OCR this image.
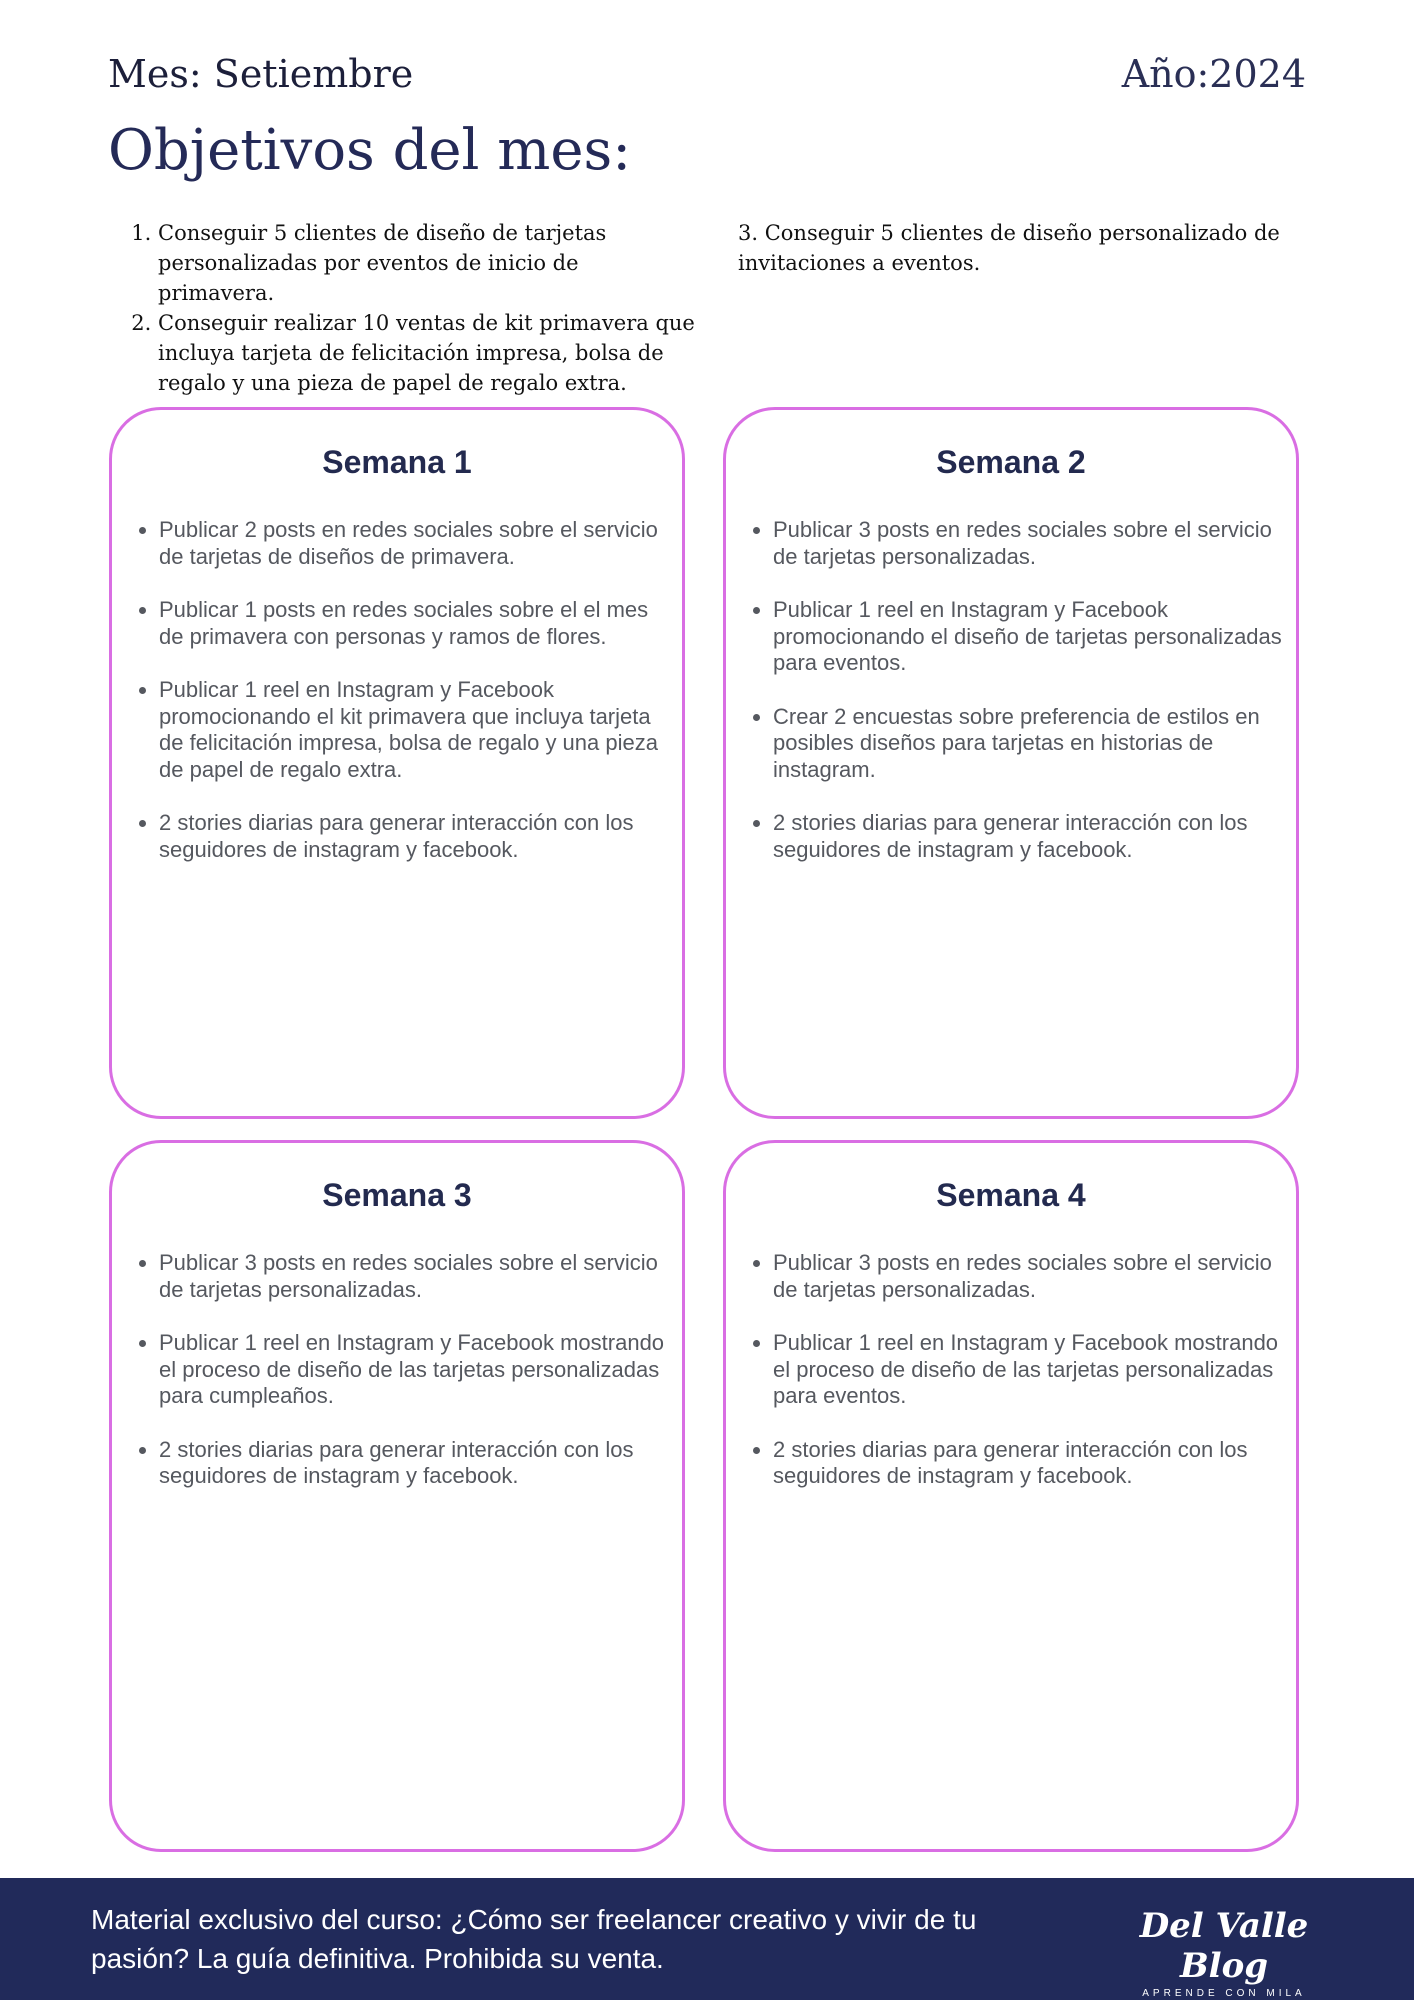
Mes: Setiembre	Año:2024
Objetivos del mes:
1. Conseguir 5 clientes de diseño de tarjetas personalizadas por eventos de inicio de primavera.
2. Conseguir realizar 10 ventas de kit primavera que incluya tarjeta de felicitación impresa, bolsa de regalo y una pieza de papel de regalo extra.

3. Conseguir 5 clientes de diseño personalizado de invitaciones a eventos.

Semana 1
• Publicar 2 posts en redes sociales sobre el servicio de tarjetas de diseños de primavera.
• Publicar 1 posts en redes sociales sobre el el mes de primavera con personas y ramos de flores.
• Publicar 1 reel en Instagram y Facebook promocionando el kit primavera que incluya tarjeta de felicitación impresa, bolsa de regalo y una pieza de papel de regalo extra.
• 2 stories diarias para generar interacción con los seguidores de instagram y facebook.
Semana 2
• Publicar 3 posts en redes sociales sobre el servicio de tarjetas personalizadas.
• Publicar 1 reel en Instagram y Facebook promocionando el diseño de tarjetas personalizadas para eventos.
• Crear 2 encuestas sobre preferencia de estilos en posibles diseños para tarjetas en historias de instagram.
• 2 stories diarias para generar interacción con los seguidores de instagram y facebook.
Semana 3
• Publicar 3 posts en redes sociales sobre el servicio de tarjetas personalizadas.
• Publicar 1 reel en Instagram y Facebook mostrando el proceso de diseño de las tarjetas personalizadas para cumpleaños.
• 2 stories diarias para generar interacción con los seguidores de instagram y facebook.
Semana 4
• Publicar 3 posts en redes sociales sobre el servicio de tarjetas personalizadas.
• Publicar 1 reel en Instagram y Facebook mostrando el proceso de diseño de las tarjetas personalizadas para eventos.
• 2 stories diarias para generar interacción con los seguidores de instagram y facebook.
Material exclusivo del curso: ¿Cómo ser freelancer creativo y vivir de tu pasión? La guía definitiva. Prohibida su venta.
Del Valle Blog
APRENDE CON MILA
